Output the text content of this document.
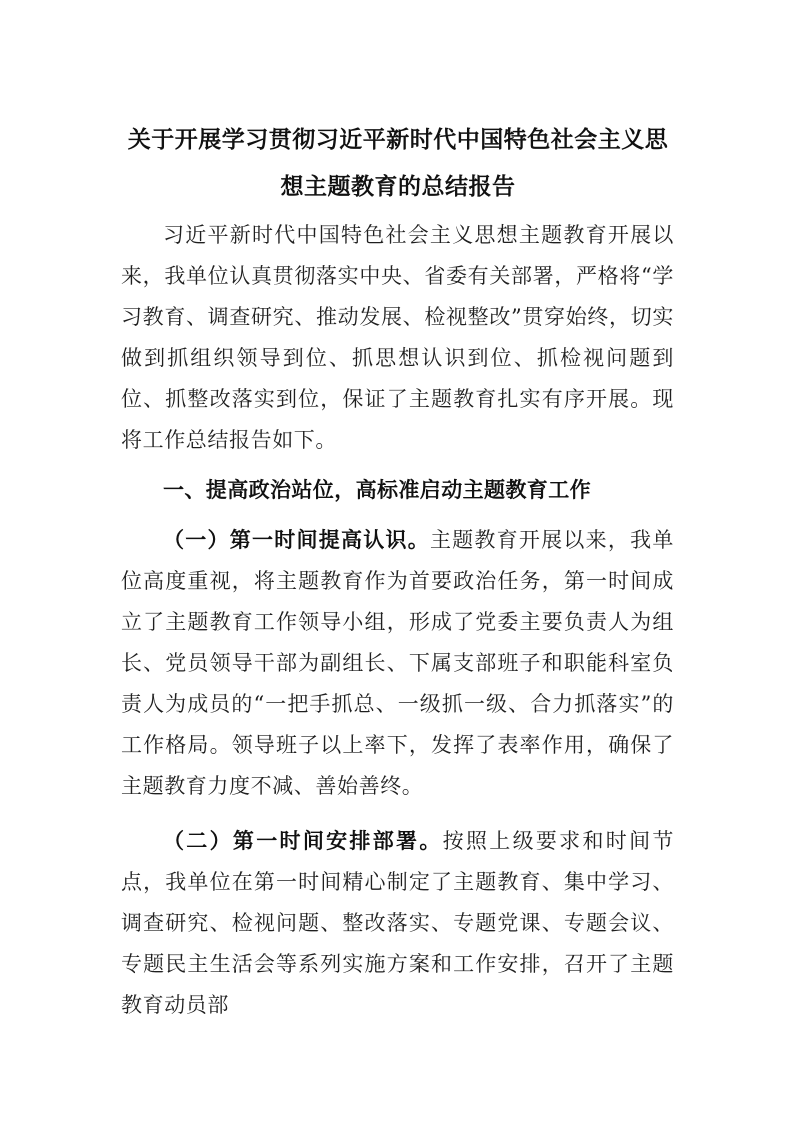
关于开展学习贯彻习近平新时代中国特色社会主义思想主题教育的总结报告

习近平新时代中国特色社会主义思想主题教育开展以来，我单位认真贯彻落实中央、省委有关部署，严格将“学习教育、调查研究、推动发展、检视整改”贯穿始终，切实做到抓组织领导到位、抓思想认识到位、抓检视问题到位、抓整改落实到位，保证了主题教育扎实有序开展。现将工作总结报告如下。

一、提高政治站位，高标准启动主题教育工作

（一）第一时间提高认识。主题教育开展以来，我单位高度重视，将主题教育作为首要政治任务，第一时间成立了主题教育工作领导小组，形成了党委主要负责人为组长、党员领导干部为副组长、下属支部班子和职能科室负责人为成员的“一把手抓总、一级抓一级、合力抓落实”的工作格局。领导班子以上率下，发挥了表率作用，确保了主题教育力度不减、善始善终。

（二）第一时间安排部署。按照上级要求和时间节点，我单位在第一时间精心制定了主题教育、集中学习、调查研究、检视问题、整改落实、专题党课、专题会议、专题民主生活会等系列实施方案和工作安排，召开了主题教育动员部
